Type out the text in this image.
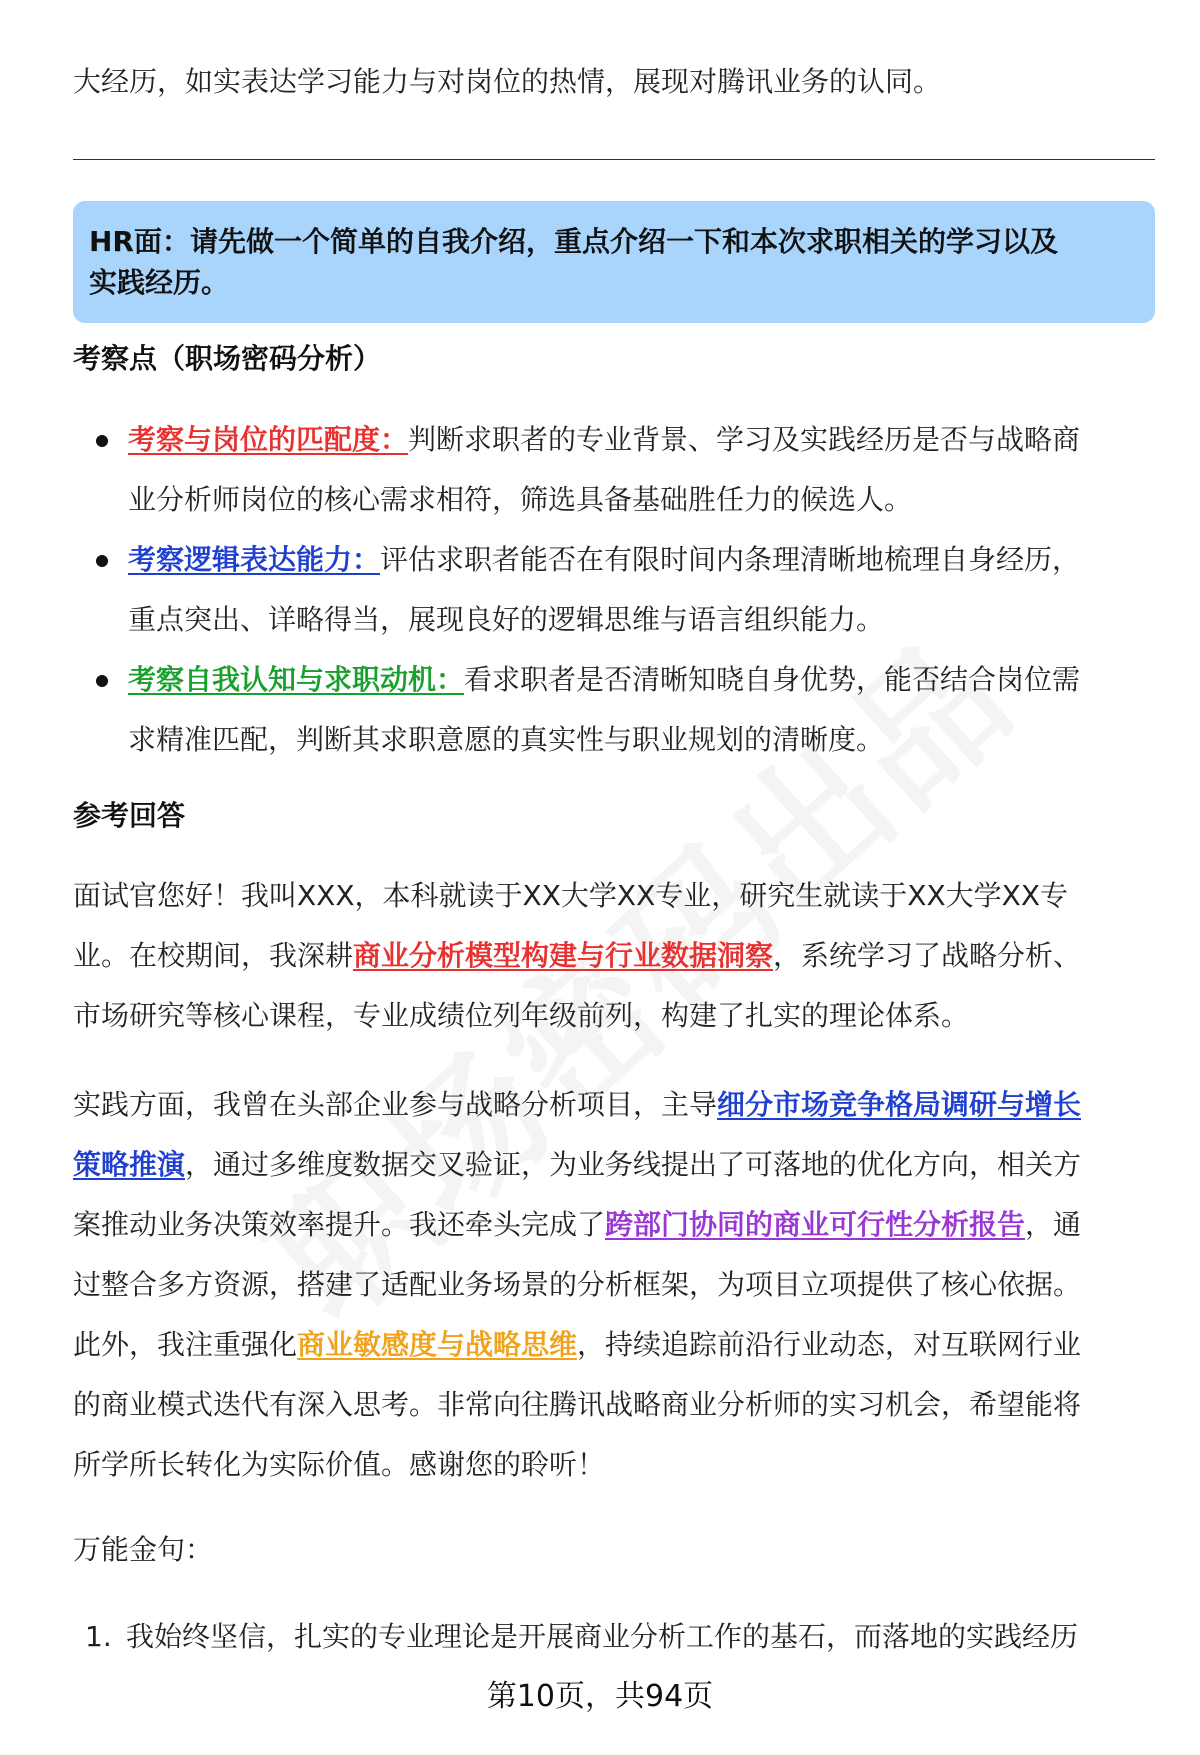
大经历，如实表达学习能力与对岗位的热情，展现对腾讯业务的认同。

HR面：请先做一个简单的自我介绍，重点介绍一下和本次求职相关的学习以及
实践经历。
考察点（职场密码分析）
考察与岗位的匹配度：判断求职者的专业背景、学习及实践经历是否与战略商
业分析师岗位的核心需求相符，筛选具备基础胜任力的候选人。
考察逻辑表达能力：评估求职者能否在有限时间内条理清晰地梳理自身经历，
重点突出、详略得当，展现良好的逻辑思维与语言组织能力。
考察自我认知与求职动机：看求职者是否清晰知晓自身优势，能否结合岗位需
求精准匹配，判断其求职意愿的真实性与职业规划的清晰度。
参考回答
面试官您好！我叫XXX，本科就读于XX大学XX专业，研究生就读于XX大学XX专
业。在校期间，我深耕商业分析模型构建与行业数据洞察，系统学习了战略分析、
市场研究等核心课程，专业成绩位列年级前列，构建了扎实的理论体系。
实践方面，我曾在头部企业参与战略分析项目，主导细分市场竞争格局调研与增长
策略推演，通过多维度数据交叉验证，为业务线提出了可落地的优化方向，相关方
案推动业务决策效率提升。我还牵头完成了跨部门协同的商业可行性分析报告，通
过整合多方资源，搭建了适配业务场景的分析框架，为项目立项提供了核心依据。
此外，我注重强化商业敏感度与战略思维，持续追踪前沿行业动态，对互联网行业
的商业模式迭代有深入思考。非常向往腾讯战略商业分析师的实习机会，希望能将
所学所长转化为实际价值。感谢您的聆听！

万能金句：

1. 我始终坚信，扎实的专业理论是开展商业分析工作的基石，而落地的实践经历
第10页，共94页
